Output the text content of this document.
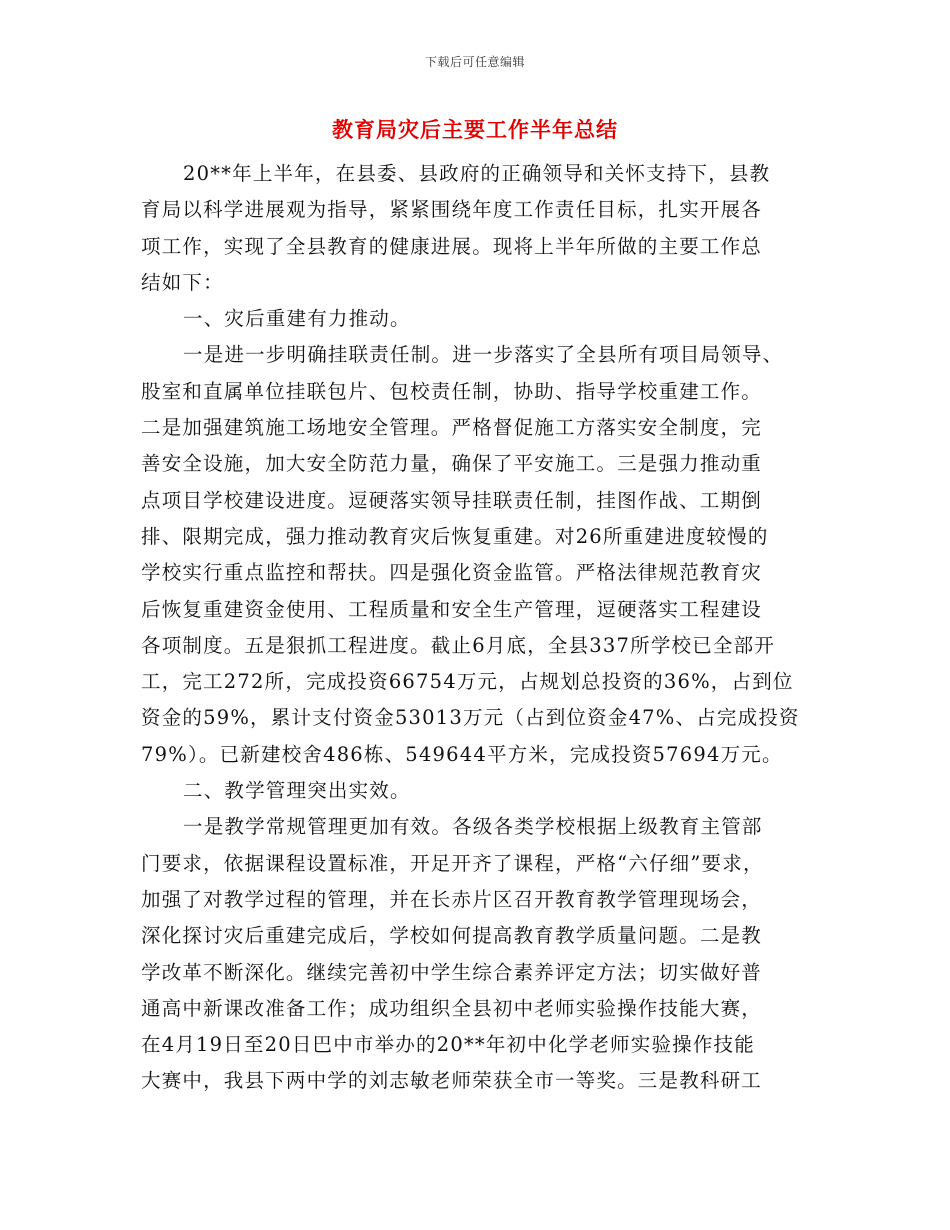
下载后可任意编辑
教育局灾后主要工作半年总结
20**年上半年，在县委、县政府的正确领导和关怀支持下，县教
育局以科学进展观为指导，紧紧围绕年度工作责任目标，扎实开展各
项工作，实现了全县教育的健康进展。现将上半年所做的主要工作总
结如下：
一、灾后重建有力推动。
一是进一步明确挂联责任制。进一步落实了全县所有项目局领导、
股室和直属单位挂联包片、包校责任制，协助、指导学校重建工作。
二是加强建筑施工场地安全管理。严格督促施工方落实安全制度，完
善安全设施，加大安全防范力量，确保了平安施工。三是强力推动重
点项目学校建设进度。逗硬落实领导挂联责任制，挂图作战、工期倒
排、限期完成，强力推动教育灾后恢复重建。对26所重建进度较慢的
学校实行重点监控和帮扶。四是强化资金监管。严格法律规范教育灾
后恢复重建资金使用、工程质量和安全生产管理，逗硬落实工程建设
各项制度。五是狠抓工程进度。截止6月底，全县337所学校已全部开
工，完工272所，完成投资66754万元，占规划总投资的36%，占到位
资金的59%，累计支付资金53013万元（占到位资金47%、占完成投资
79%）。已新建校舍486栋、549644平方米，完成投资57694万元。
二、教学管理突出实效。
一是教学常规管理更加有效。各级各类学校根据上级教育主管部
门要求，依据课程设置标准，开足开齐了课程，严格“六仔细”要求，
加强了对教学过程的管理，并在长赤片区召开教育教学管理现场会，
深化探讨灾后重建完成后，学校如何提高教育教学质量问题。二是教
学改革不断深化。继续完善初中学生综合素养评定方法；切实做好普
通高中新课改准备工作；成功组织全县初中老师实验操作技能大赛，
在4月19日至20日巴中市举办的20**年初中化学老师实验操作技能
大赛中，我县下两中学的刘志敏老师荣获全市一等奖。三是教科研工
